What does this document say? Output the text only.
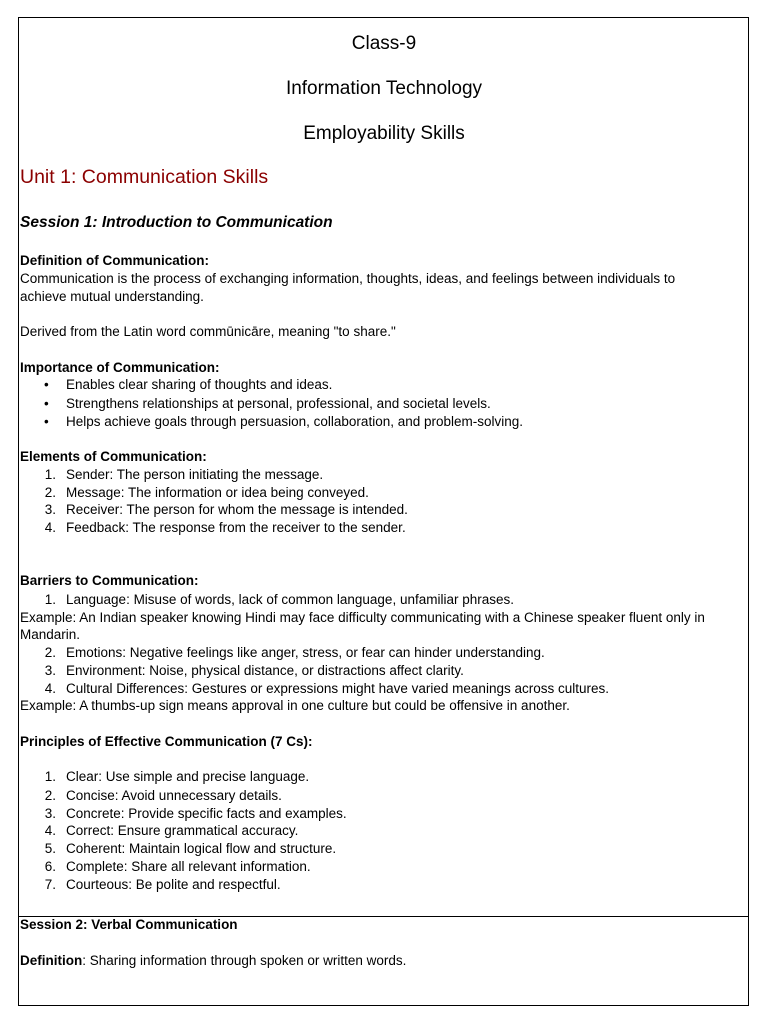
Class-9
Information Technology
Employability Skills
Unit 1: Communication Skills
Session 1: Introduction to Communication
Definition of Communication:
Communication is the process of exchanging information, thoughts, ideas, and feelings between individuals to
achieve mutual understanding.
Derived from the Latin word commūnicāre, meaning "to share."
Importance of Communication:
• Enables clear sharing of thoughts and ideas.
• Strengthens relationships at personal, professional, and societal levels.
• Helps achieve goals through persuasion, collaboration, and problem-solving.
Elements of Communication:
1. Sender: The person initiating the message.
2. Message: The information or idea being conveyed.
3. Receiver: The person for whom the message is intended.
4. Feedback: The response from the receiver to the sender.
Barriers to Communication:
1. Language: Misuse of words, lack of common language, unfamiliar phrases.
Example: An Indian speaker knowing Hindi may face difficulty communicating with a Chinese speaker fluent only in
Mandarin.
2. Emotions: Negative feelings like anger, stress, or fear can hinder understanding.
3. Environment: Noise, physical distance, or distractions affect clarity.
4. Cultural Differences: Gestures or expressions might have varied meanings across cultures.
Example: A thumbs-up sign means approval in one culture but could be offensive in another.
Principles of Effective Communication (7 Cs):
1. Clear: Use simple and precise language.
2. Concise: Avoid unnecessary details.
3. Concrete: Provide specific facts and examples.
4. Correct: Ensure grammatical accuracy.
5. Coherent: Maintain logical flow and structure.
6. Complete: Share all relevant information.
7. Courteous: Be polite and respectful.
Session 2: Verbal Communication
Definition: Sharing information through spoken or written words.
